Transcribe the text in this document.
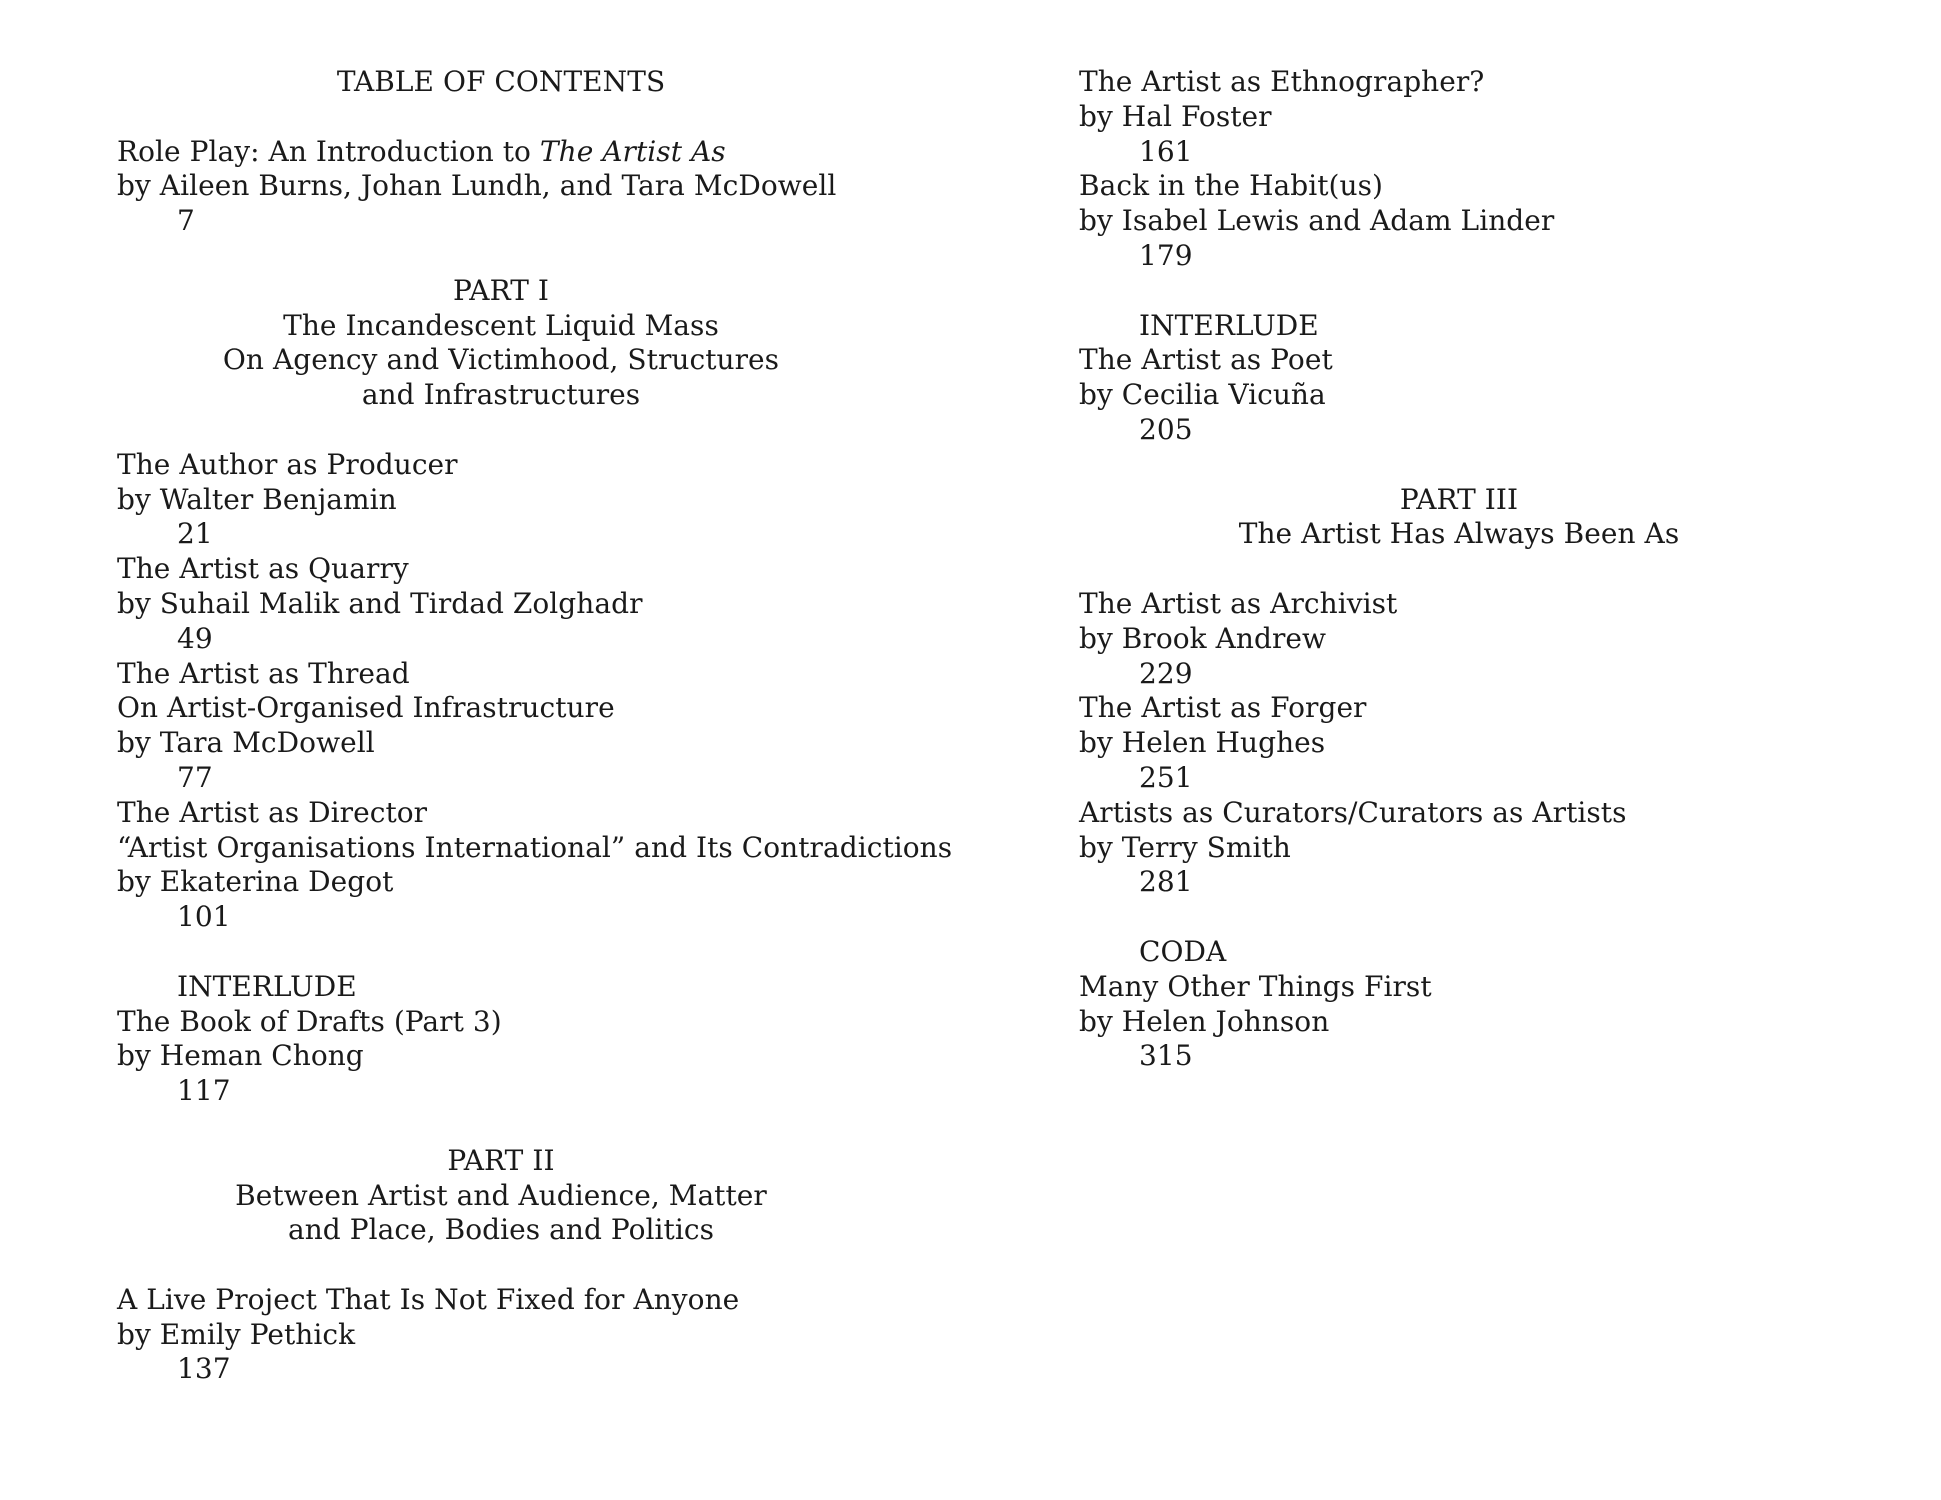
TABLE OF CONTENTS
Role Play: An Introduction to The Artist As
by Aileen Burns, Johan Lundh, and Tara McDowell
7
PART I
The Incandescent Liquid Mass
On Agency and Victimhood, Structures
and Infrastructures
The Author as Producer
by Walter Benjamin
21
The Artist as Quarry
by Suhail Malik and Tirdad Zolghadr
49
The Artist as Thread
On Artist-Organised Infrastructure
by Tara McDowell
77
The Artist as Director
“Artist Organisations International” and Its Contradictions
by Ekaterina Degot
101
INTERLUDE
The Book of Drafts (Part 3)
by Heman Chong
117
PART II
Between Artist and Audience, Matter
and Place, Bodies and Politics
A Live Project That Is Not Fixed for Anyone
by Emily Pethick
137
The Artist as Ethnographer?
by Hal Foster
161
Back in the Habit(us)
by Isabel Lewis and Adam Linder
179
INTERLUDE
The Artist as Poet
by Cecilia Vicuña
205
PART III
The Artist Has Always Been As
The Artist as Archivist
by Brook Andrew
229
The Artist as Forger
by Helen Hughes
251
Artists as Curators/Curators as Artists
by Terry Smith
281
CODA
Many Other Things First
by Helen Johnson
315
